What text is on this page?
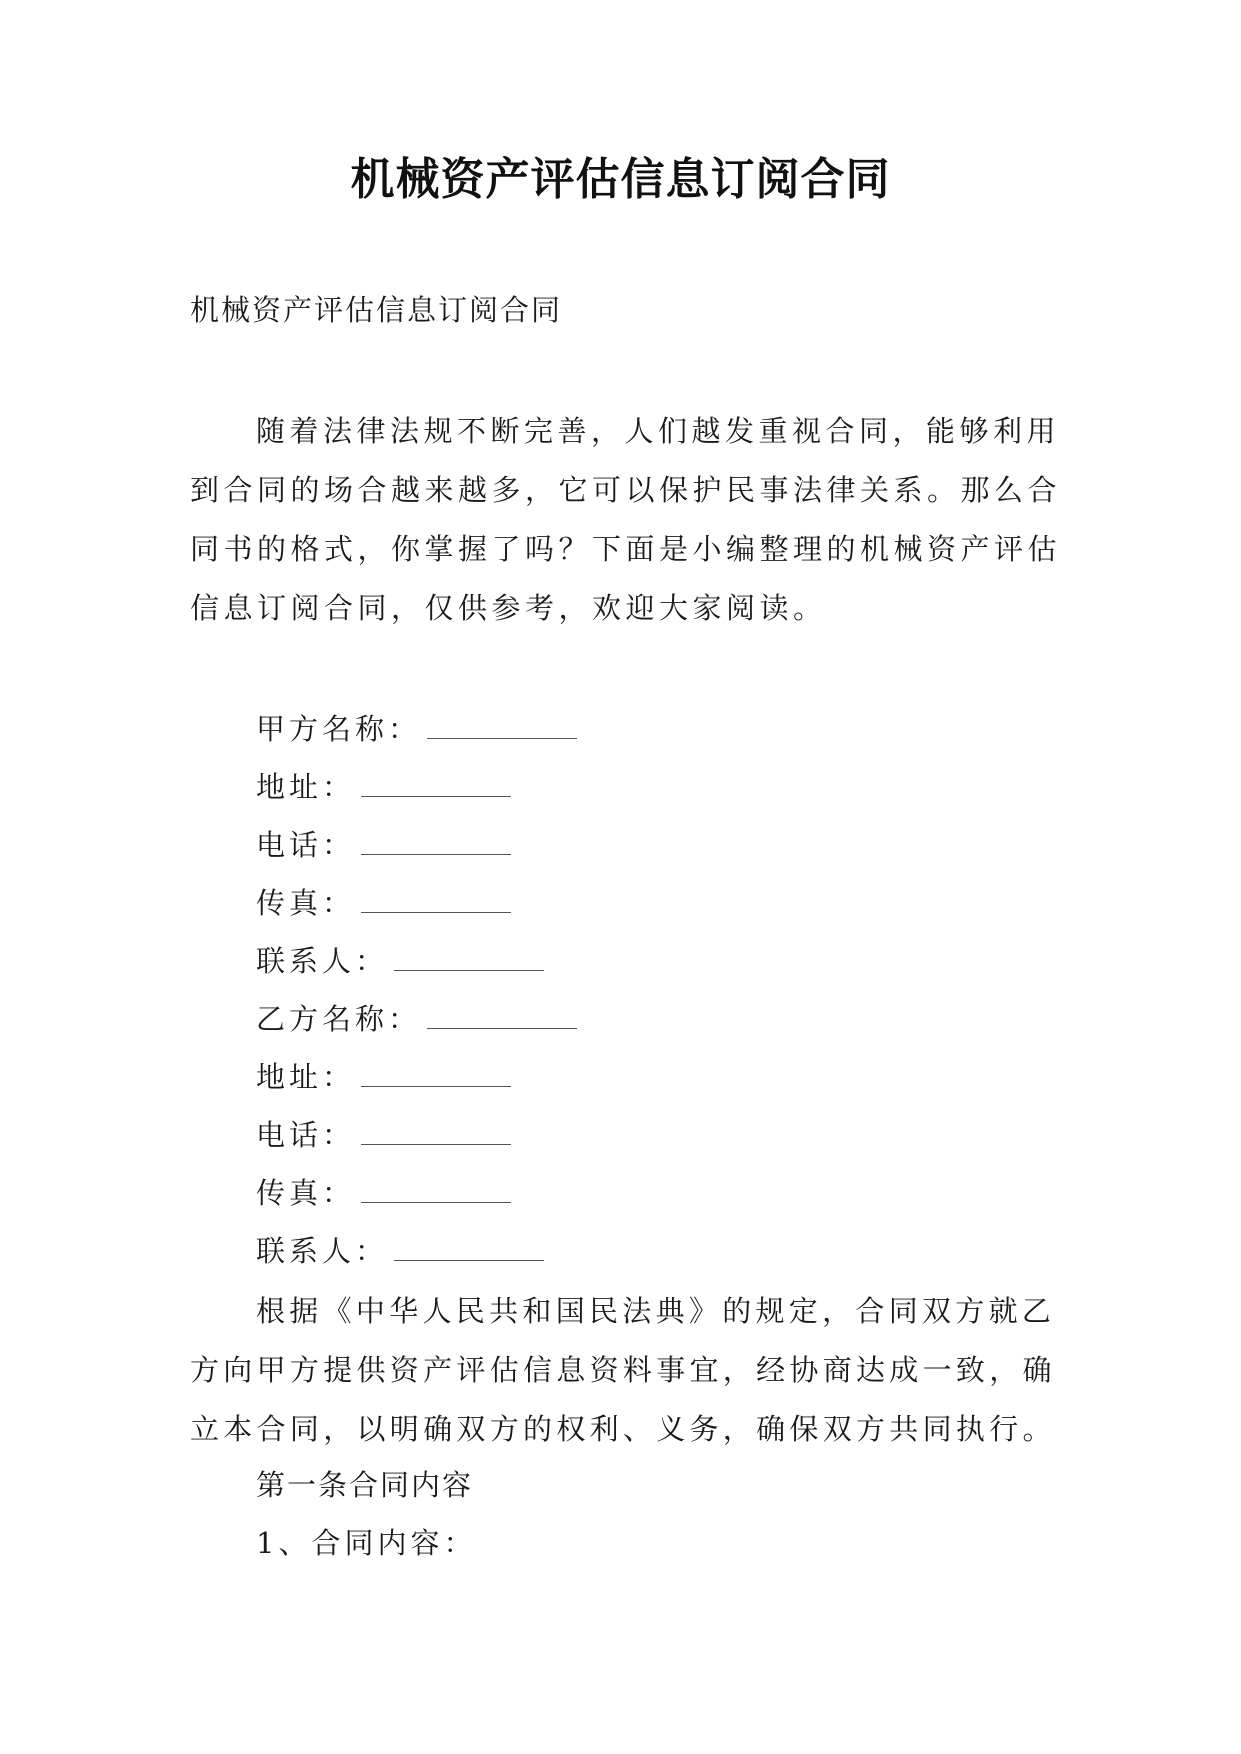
机械资产评估信息订阅合同
机械资产评估信息订阅合同

随着法律法规不断完善，人们越发重视合同，能够利用到合同的场合越来越多，它可以保护民事法律关系。那么合同书的格式，你掌握了吗？下面是小编整理的机械资产评估信息订阅合同，仅供参考，欢迎大家阅读。

甲方名称：
地址：
电话：
传真：
联系人：
乙方名称：
地址：
电话：
传真：
联系人：

根据《中华人民共和国民法典》的规定，合同双方就乙方向甲方提供资产评估信息资料事宜，经协商达成一致，确立本合同，以明确双方的权利、义务，确保双方共同执行。

第一条合同内容
1、合同内容：
